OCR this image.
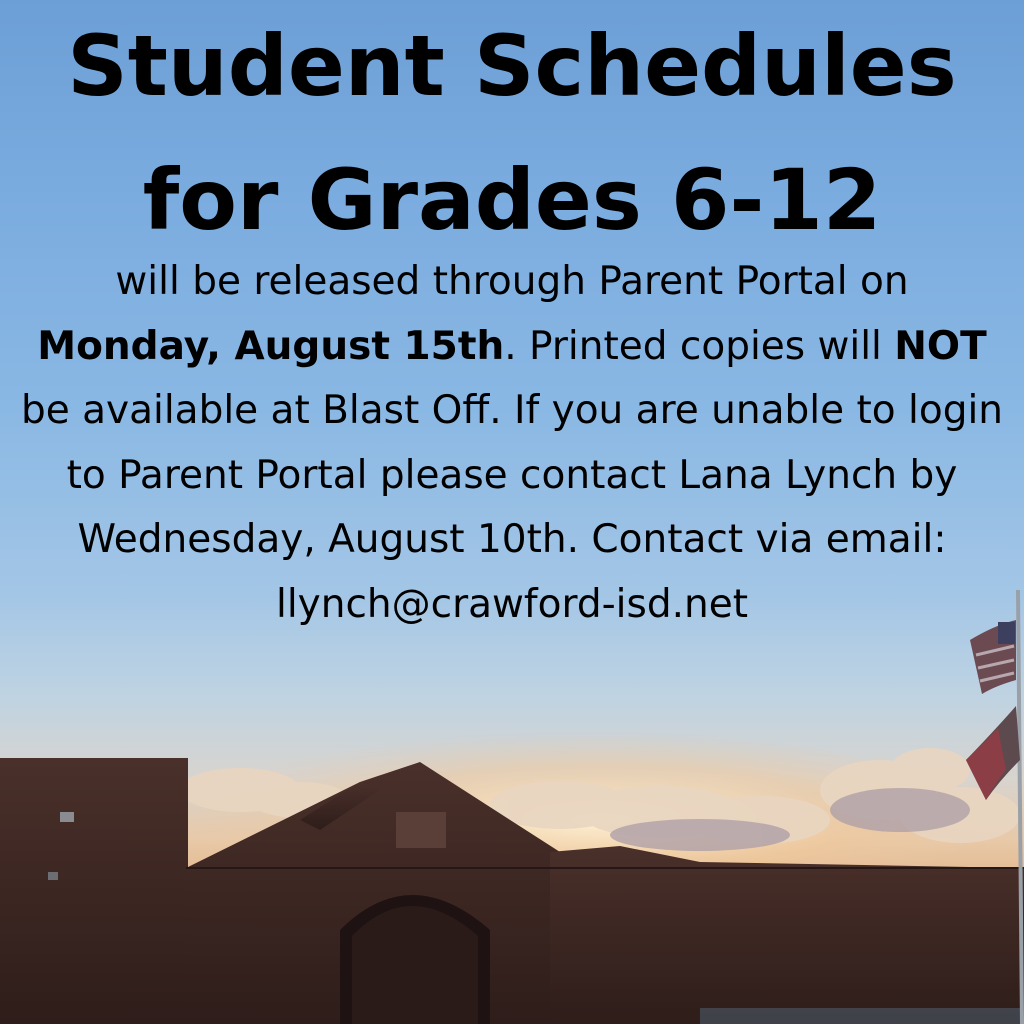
Student Schedules
for Grades 6-12

will be released through Parent Portal on Monday, August 15th. Printed copies will NOT be available at Blast Off. If you are unable to login to Parent Portal please contact Lana Lynch by Wednesday, August 10th. Contact via email: llynch@crawford-isd.net
